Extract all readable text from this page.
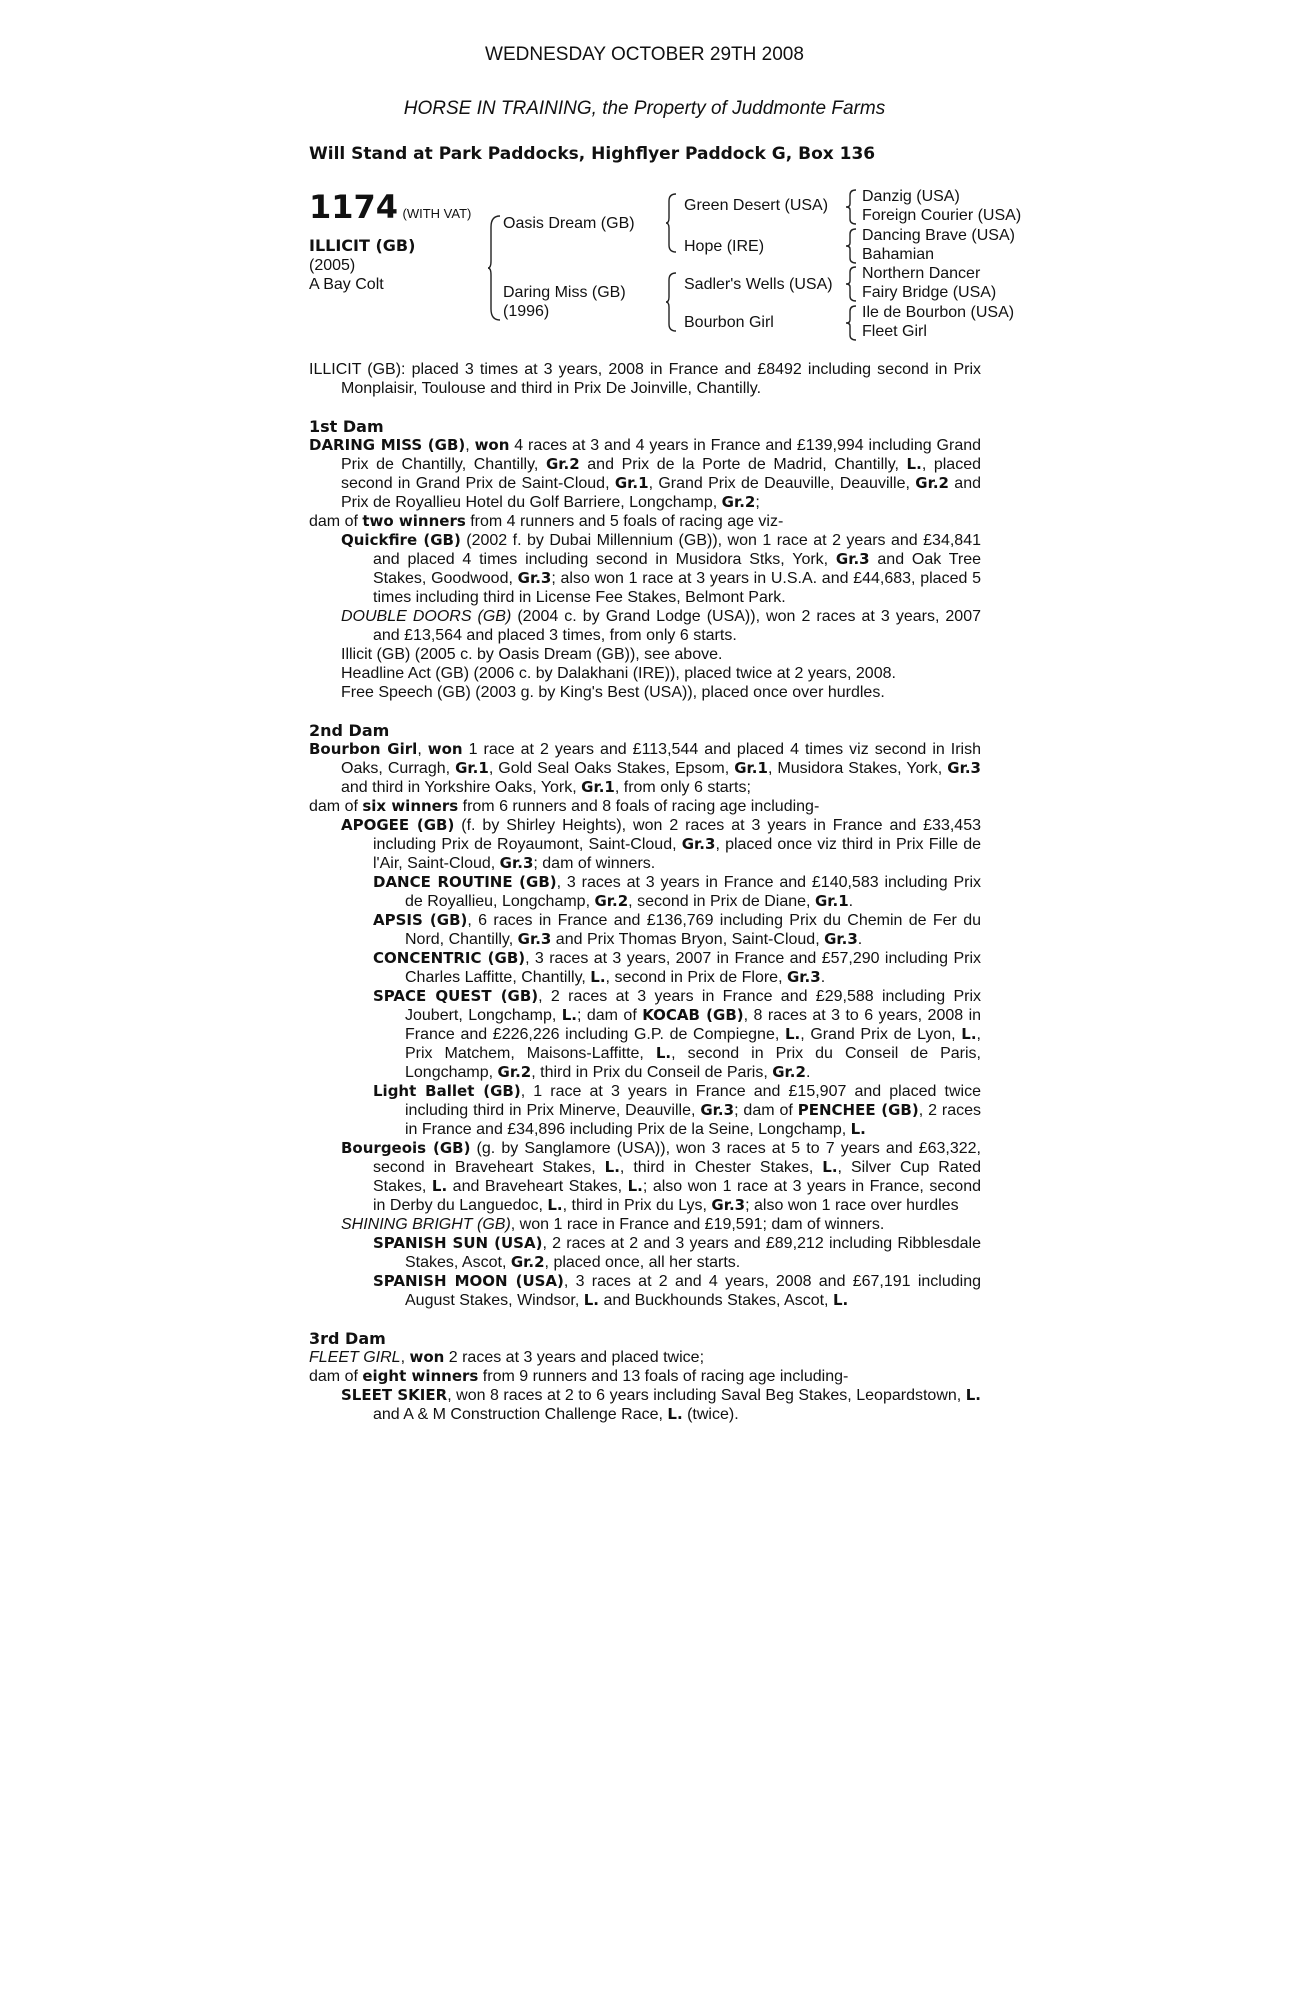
WEDNESDAY OCTOBER 29TH 2008
HORSE IN TRAINING, the Property of Juddmonte Farms
Will Stand at Park Paddocks, Highflyer Paddock G, Box 136
1174 (WITH VAT)
ILLICIT (GB)
(2005)
A Bay Colt
Oasis Dream (GB)
Daring Miss (GB)
(1996)
Green Desert (USA)
Hope (IRE)
Sadler's Wells (USA)
Bourbon Girl
Danzig (USA)
Foreign Courier (USA)
Dancing Brave (USA)
Bahamian
Northern Dancer
Fairy Bridge (USA)
Ile de Bourbon (USA)
Fleet Girl
ILLICIT (GB): placed 3 times at 3 years, 2008 in France and £8492 including second in Prix Monplaisir, Toulouse and third in Prix De Joinville, Chantilly.
1st Dam
DARING MISS (GB), won 4 races at 3 and 4 years in France and £139,994 including Grand Prix de Chantilly, Chantilly, Gr.2 and Prix de la Porte de Madrid, Chantilly, L., placed second in Grand Prix de Saint-Cloud, Gr.1, Grand Prix de Deauville, Deauville, Gr.2 and Prix de Royallieu Hotel du Golf Barriere, Longchamp, Gr.2;
dam of two winners from 4 runners and 5 foals of racing age viz-
Quickfire (GB) (2002 f. by Dubai Millennium (GB)), won 1 race at 2 years and £34,841 and placed 4 times including second in Musidora Stks, York, Gr.3 and Oak Tree Stakes, Goodwood, Gr.3; also won 1 race at 3 years in U.S.A. and £44,683, placed 5 times including third in License Fee Stakes, Belmont Park.
DOUBLE DOORS (GB) (2004 c. by Grand Lodge (USA)), won 2 races at 3 years, 2007 and £13,564 and placed 3 times, from only 6 starts.
Illicit (GB) (2005 c. by Oasis Dream (GB)), see above.
Headline Act (GB) (2006 c. by Dalakhani (IRE)), placed twice at 2 years, 2008.
Free Speech (GB) (2003 g. by King's Best (USA)), placed once over hurdles.
2nd Dam
Bourbon Girl, won 1 race at 2 years and £113,544 and placed 4 times viz second in Irish Oaks, Curragh, Gr.1, Gold Seal Oaks Stakes, Epsom, Gr.1, Musidora Stakes, York, Gr.3 and third in Yorkshire Oaks, York, Gr.1, from only 6 starts;
dam of six winners from 6 runners and 8 foals of racing age including-
APOGEE (GB) (f. by Shirley Heights), won 2 races at 3 years in France and £33,453 including Prix de Royaumont, Saint-Cloud, Gr.3, placed once viz third in Prix Fille de l'Air, Saint-Cloud, Gr.3; dam of winners.
DANCE ROUTINE (GB), 3 races at 3 years in France and £140,583 including Prix de Royallieu, Longchamp, Gr.2, second in Prix de Diane, Gr.1.
APSIS (GB), 6 races in France and £136,769 including Prix du Chemin de Fer du Nord, Chantilly, Gr.3 and Prix Thomas Bryon, Saint-Cloud, Gr.3.
CONCENTRIC (GB), 3 races at 3 years, 2007 in France and £57,290 including Prix Charles Laffitte, Chantilly, L., second in Prix de Flore, Gr.3.
SPACE QUEST (GB), 2 races at 3 years in France and £29,588 including Prix Joubert, Longchamp, L.; dam of KOCAB (GB), 8 races at 3 to 6 years, 2008 in France and £226,226 including G.P. de Compiegne, L., Grand Prix de Lyon, L., Prix Matchem, Maisons-Laffitte, L., second in Prix du Conseil de Paris, Longchamp, Gr.2, third in Prix du Conseil de Paris, Gr.2.
Light Ballet (GB), 1 race at 3 years in France and £15,907 and placed twice including third in Prix Minerve, Deauville, Gr.3; dam of PENCHEE (GB), 2 races in France and £34,896 including Prix de la Seine, Longchamp, L.
Bourgeois (GB) (g. by Sanglamore (USA)), won 3 races at 5 to 7 years and £63,322, second in Braveheart Stakes, L., third in Chester Stakes, L., Silver Cup Rated Stakes, L. and Braveheart Stakes, L.; also won 1 race at 3 years in France, second in Derby du Languedoc, L., third in Prix du Lys, Gr.3; also won 1 race over hurdles
SHINING BRIGHT (GB), won 1 race in France and £19,591; dam of winners.
SPANISH SUN (USA), 2 races at 2 and 3 years and £89,212 including Ribblesdale Stakes, Ascot, Gr.2, placed once, all her starts.
SPANISH MOON (USA), 3 races at 2 and 4 years, 2008 and £67,191 including August Stakes, Windsor, L. and Buckhounds Stakes, Ascot, L.
3rd Dam
FLEET GIRL, won 2 races at 3 years and placed twice;
dam of eight winners from 9 runners and 13 foals of racing age including-
SLEET SKIER, won 8 races at 2 to 6 years including Saval Beg Stakes, Leopardstown, L. and A & M Construction Challenge Race, L. (twice).
